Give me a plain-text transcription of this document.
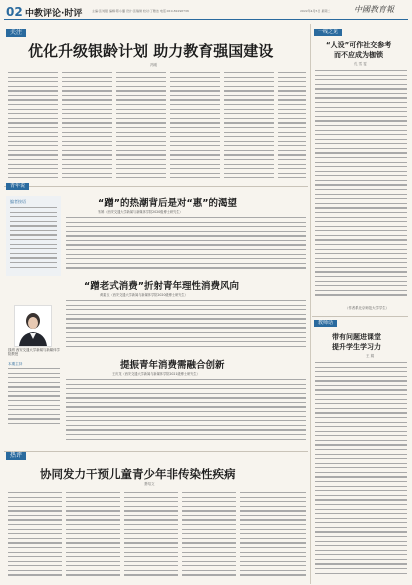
02 中教评论·时评	主编:张刘强 编辑:陈小璐 设计:张瑞璞 校对:丁雅洁 电话:010-82296736	2022年4月5日 星期二	中國教育報
关注
优化升级银龄计划 助力教育强国建设
冯刚
青年说
编者按语
钱玥 西安交通大学新闻与新媒体学院教授
本期主持
“蹭”的热潮背后是对“惠”的渴望
朱嫣（西安交通大学新闻与新媒体学院2020级博士研究生）
“蹭老式消费”折射青年理性消费风向
黄素玉（西安交通大学新闻与新媒体学院2020级博士研究生）
提振青年消费需融合创新
王庆龙（西安交通大学新闻与新媒体学院2021级博士研究生）
热评
协同发力干预儿童青少年非传染性疾病
萧绍文
一线之见
“人设”可作社交参考
而不应成为枷锁
孔 雪 雯
（作者系北京师范大学学生）
教师话
带有问题进课堂
提升学生学习力
王 娟
